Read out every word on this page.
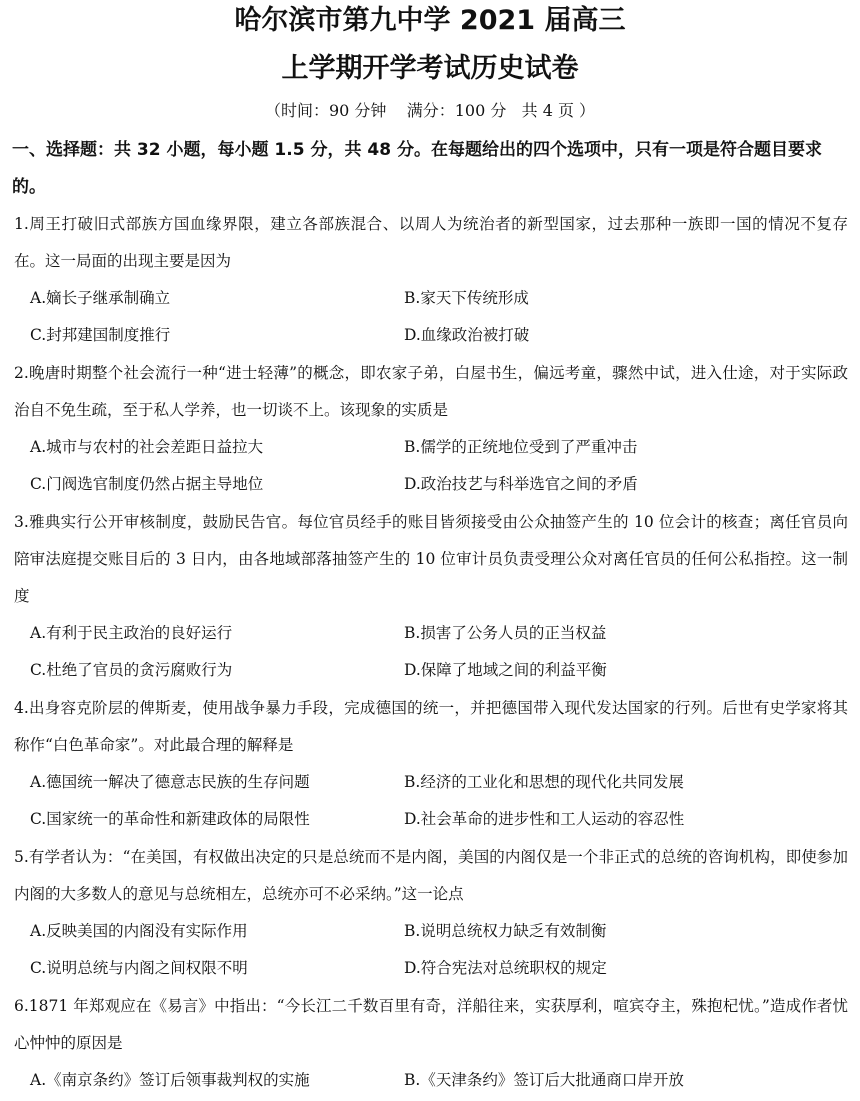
哈尔滨市第九中学 2021 届高三
上学期开学考试历史试卷
（时间：90 分钟    满分：100 分   共 4 页 ）
一、选择题：共 32 小题，每小题 1.5 分，共 48 分。在每题给出的四个选项中，只有一项是符合题目要求的。
1.周王打破旧式部族方国血缘界限，建立各部族混合、以周人为统治者的新型国家，过去那种一族即一国的情况不复存在。这一局面的出现主要是因为
A.嫡长子继承制确立	B.家天下传统形成
C.封邦建国制度推行	D.血缘政治被打破
2.晚唐时期整个社会流行一种“进士轻薄”的概念，即农家子弟，白屋书生，偏远考童，骤然中试，进入仕途，对于实际政治自不免生疏，至于私人学养，也一切谈不上。该现象的实质是
A.城市与农村的社会差距日益拉大	B.儒学的正统地位受到了严重冲击
C.门阀选官制度仍然占据主导地位	D.政治技艺与科举选官之间的矛盾
3.雅典实行公开审核制度，鼓励民告官。每位官员经手的账目皆须接受由公众抽签产生的 10 位会计的核查；离任官员向陪审法庭提交账目后的 3 日内，由各地域部落抽签产生的 10 位审计员负责受理公众对离任官员的任何公私指控。这一制度
A.有利于民主政治的良好运行	B.损害了公务人员的正当权益
C.杜绝了官员的贪污腐败行为	D.保障了地域之间的利益平衡
4.出身容克阶层的俾斯麦，使用战争暴力手段，完成德国的统一，并把德国带入现代发达国家的行列。后世有史学家将其称作“白色革命家”。对此最合理的解释是
A.德国统一解决了德意志民族的生存问题	B.经济的工业化和思想的现代化共同发展
C.国家统一的革命性和新建政体的局限性	D.社会革命的进步性和工人运动的容忍性
5.有学者认为：“在美国，有权做出决定的只是总统而不是内阁，美国的内阁仅是一个非正式的总统的咨询机构，即使参加内阁的大多数人的意见与总统相左，总统亦可不必采纳。”这一论点
A.反映美国的内阁没有实际作用	B.说明总统权力缺乏有效制衡
C.说明总统与内阁之间权限不明	D.符合宪法对总统职权的规定
6.1871 年郑观应在《易言》中指出：“今长江二千数百里有奇，洋船往来，实获厚利，喧宾夺主，殊抱杞忧。”造成作者忧心忡忡的原因是
A.《南京条约》签订后领事裁判权的实施	B.《天津条约》签订后大批通商口岸开放
